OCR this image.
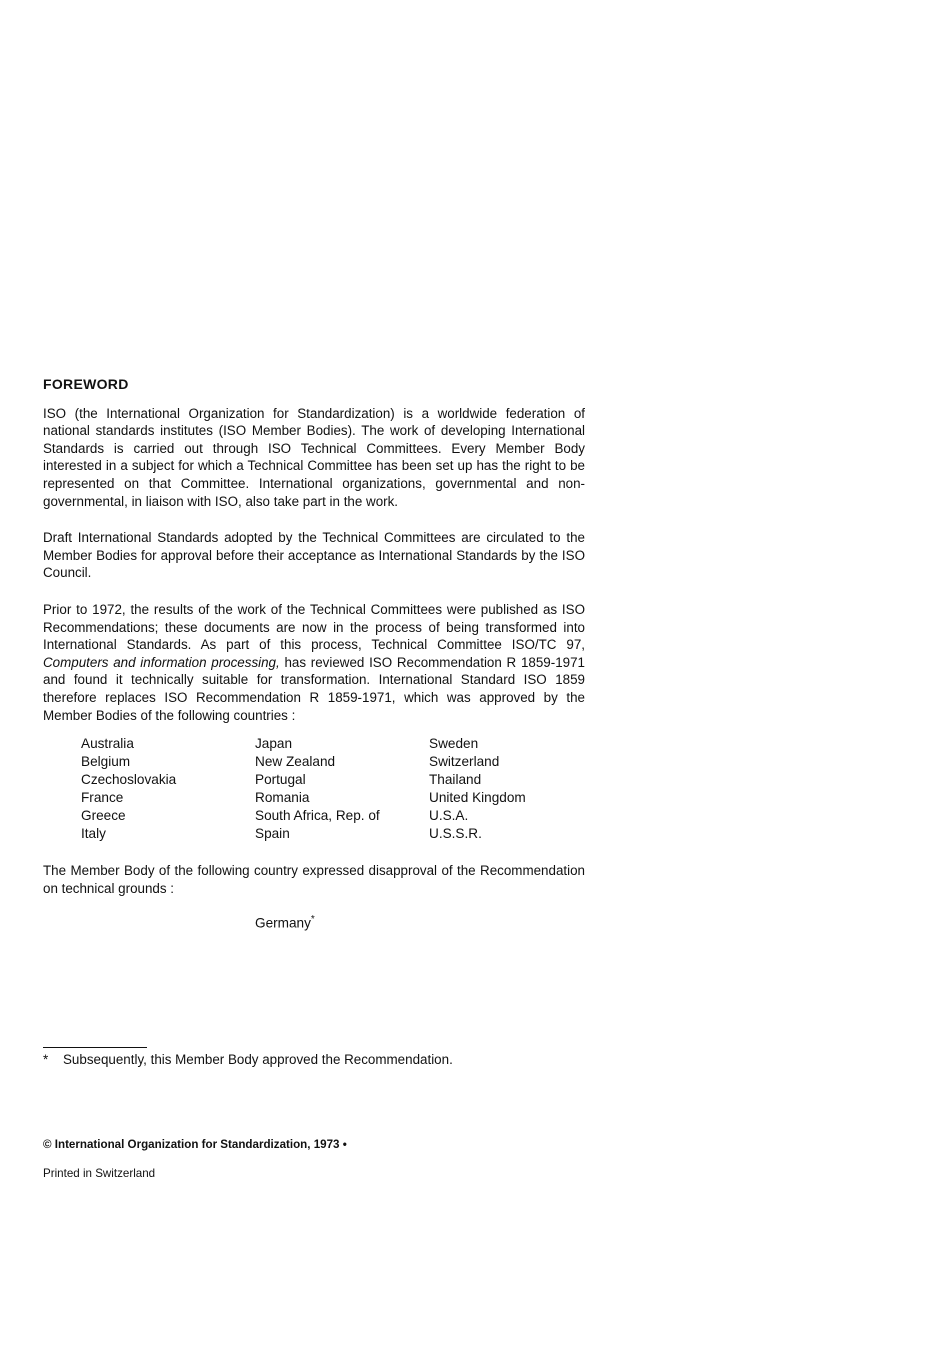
FOREWORD

ISO (the International Organization for Standardization) is a worldwide federation of national standards institutes (ISO Member Bodies). The work of developing International Standards is carried out through ISO Technical Committees. Every Member Body interested in a subject for which a Technical Committee has been set up has the right to be represented on that Committee. International organizations, governmental and non-governmental, in liaison with ISO, also take part in the work.

Draft International Standards adopted by the Technical Committees are circulated to the Member Bodies for approval before their acceptance as International Standards by the ISO Council.

Prior to 1972, the results of the work of the Technical Committees were published as ISO Recommendations; these documents are now in the process of being transformed into International Standards. As part of this process, Technical Committee ISO/TC 97, Computers and information processing, has reviewed ISO Recommendation R 1859-1971 and found it technically suitable for transformation. International Standard ISO 1859 therefore replaces ISO Recommendation R 1859-1971, which was approved by the Member Bodies of the following countries :

Australia	Japan	Sweden
Belgium	New Zealand	Switzerland
Czechoslovakia	Portugal	Thailand
France	Romania	United Kingdom
Greece	South Africa, Rep. of	U.S.A.
Italy	Spain	U.S.S.R.

The Member Body of the following country expressed disapproval of the Recommendation on technical grounds :

Germany*
* Subsequently, this Member Body approved the Recommendation.
© International Organization for Standardization, 1973 •
Printed in Switzerland
